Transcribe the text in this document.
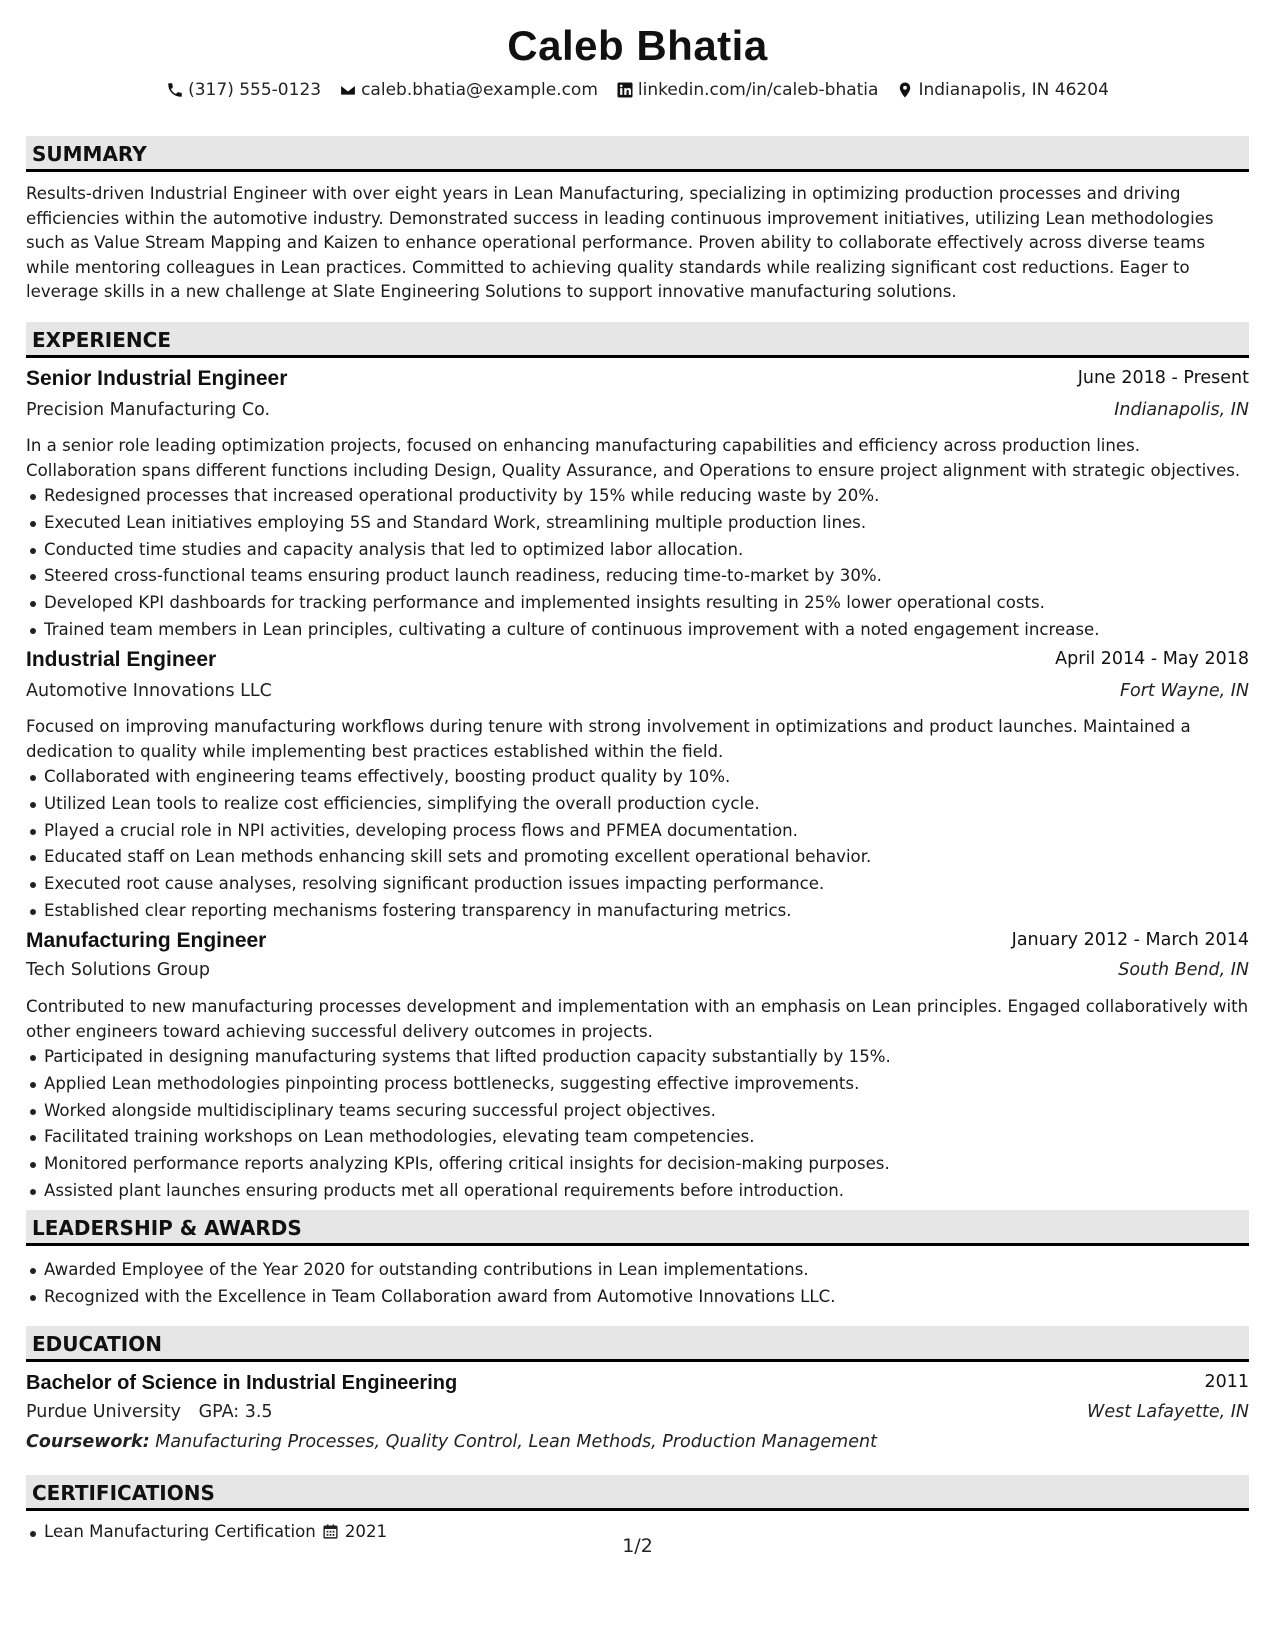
Caleb Bhatia
(317) 555-0123 caleb.bhatia@example.com linkedin.com/in/caleb-bhatia Indianapolis, IN 46204
SUMMARY
Results-driven Industrial Engineer with over eight years in Lean Manufacturing, specializing in optimizing production processes and driving efficiencies within the automotive industry. Demonstrated success in leading continuous improvement initiatives, utilizing Lean methodologies such as Value Stream Mapping and Kaizen to enhance operational performance. Proven ability to collaborate effectively across diverse teams while mentoring colleagues in Lean practices. Committed to achieving quality standards while realizing significant cost reductions. Eager to leverage skills in a new challenge at Slate Engineering Solutions to support innovative manufacturing solutions.
EXPERIENCE
Senior Industrial Engineer	June 2018 - Present
Precision Manufacturing Co.	Indianapolis, IN
In a senior role leading optimization projects, focused on enhancing manufacturing capabilities and efficiency across production lines. Collaboration spans different functions including Design, Quality Assurance, and Operations to ensure project alignment with strategic objectives.
Redesigned processes that increased operational productivity by 15% while reducing waste by 20%.
Executed Lean initiatives employing 5S and Standard Work, streamlining multiple production lines.
Conducted time studies and capacity analysis that led to optimized labor allocation.
Steered cross-functional teams ensuring product launch readiness, reducing time-to-market by 30%.
Developed KPI dashboards for tracking performance and implemented insights resulting in 25% lower operational costs.
Trained team members in Lean principles, cultivating a culture of continuous improvement with a noted engagement increase.
Industrial Engineer	April 2014 - May 2018
Automotive Innovations LLC	Fort Wayne, IN
Focused on improving manufacturing workflows during tenure with strong involvement in optimizations and product launches. Maintained a dedication to quality while implementing best practices established within the field.
Collaborated with engineering teams effectively, boosting product quality by 10%.
Utilized Lean tools to realize cost efficiencies, simplifying the overall production cycle.
Played a crucial role in NPI activities, developing process flows and PFMEA documentation.
Educated staff on Lean methods enhancing skill sets and promoting excellent operational behavior.
Executed root cause analyses, resolving significant production issues impacting performance.
Established clear reporting mechanisms fostering transparency in manufacturing metrics.
Manufacturing Engineer	January 2012 - March 2014
Tech Solutions Group	South Bend, IN
Contributed to new manufacturing processes development and implementation with an emphasis on Lean principles. Engaged collaboratively with other engineers toward achieving successful delivery outcomes in projects.
Participated in designing manufacturing systems that lifted production capacity substantially by 15%.
Applied Lean methodologies pinpointing process bottlenecks, suggesting effective improvements.
Worked alongside multidisciplinary teams securing successful project objectives.
Facilitated training workshops on Lean methodologies, elevating team competencies.
Monitored performance reports analyzing KPIs, offering critical insights for decision-making purposes.
Assisted plant launches ensuring products met all operational requirements before introduction.
LEADERSHIP & AWARDS
Awarded Employee of the Year 2020 for outstanding contributions in Lean implementations.
Recognized with the Excellence in Team Collaboration award from Automotive Innovations LLC.
EDUCATION
Bachelor of Science in Industrial Engineering	2011
Purdue University GPA: 3.5	West Lafayette, IN
Coursework: Manufacturing Processes, Quality Control, Lean Methods, Production Management
CERTIFICATIONS
Lean Manufacturing Certification 2021
1/2
